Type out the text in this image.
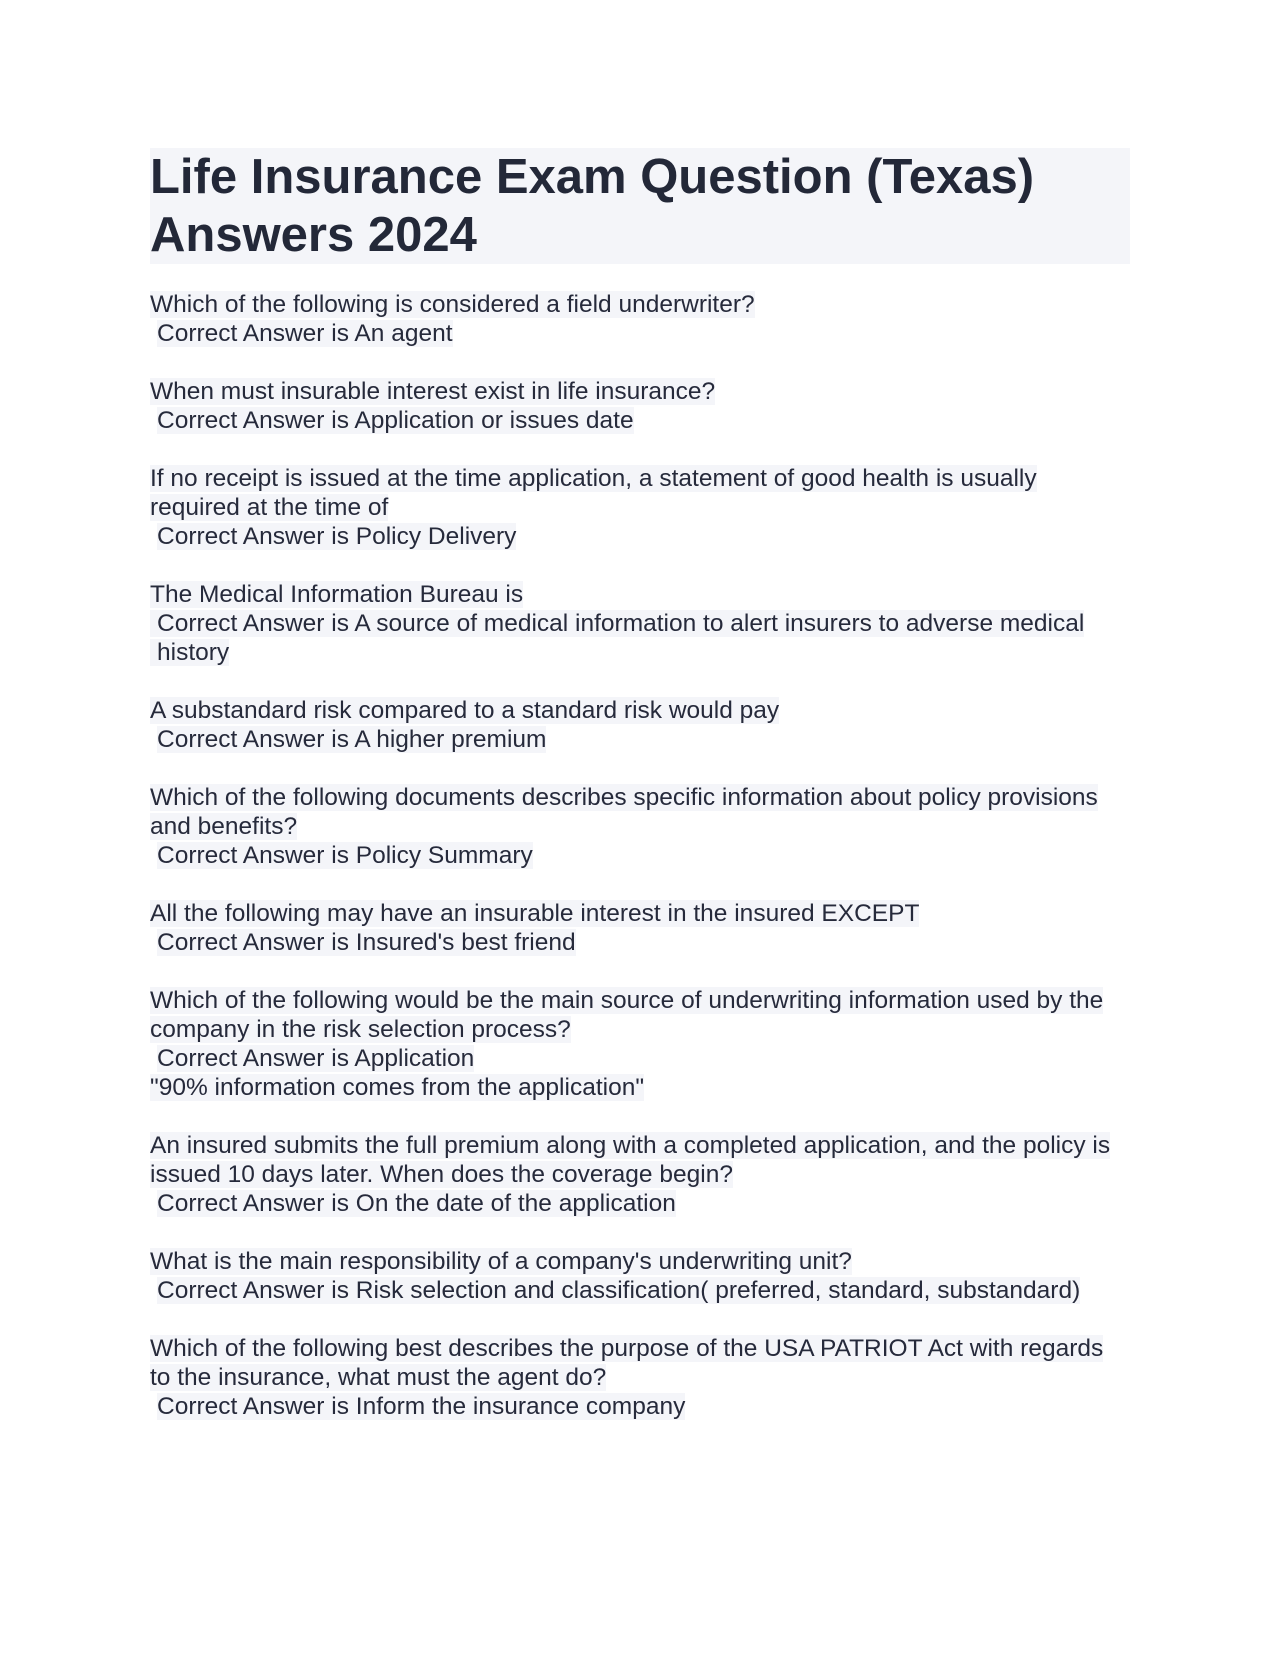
Life Insurance Exam Question (Texas) Answers 2024
Which of the following is considered a field underwriter?
Correct Answer is An agent
When must insurable interest exist in life insurance?
Correct Answer is Application or issues date
If no receipt is issued at the time application, a statement of good health is usually required at the time of
Correct Answer is Policy Delivery
The Medical Information Bureau is
Correct Answer is A source of medical information to alert insurers to adverse medical history
A substandard risk compared to a standard risk would pay
Correct Answer is A higher premium
Which of the following documents describes specific information about policy provisions and benefits?
Correct Answer is Policy Summary
All the following may have an insurable interest in the insured EXCEPT
Correct Answer is Insured's best friend
Which of the following would be the main source of underwriting information used by the company in the risk selection process?
Correct Answer is Application
"90% information comes from the application"
An insured submits the full premium along with a completed application, and the policy is issued 10 days later. When does the coverage begin?
Correct Answer is On the date of the application
What is the main responsibility of a company's underwriting unit?
Correct Answer is Risk selection and classification( preferred, standard, substandard)
Which of the following best describes the purpose of the USA PATRIOT Act with regards to the insurance, what must the agent do?
Correct Answer is Inform the insurance company
